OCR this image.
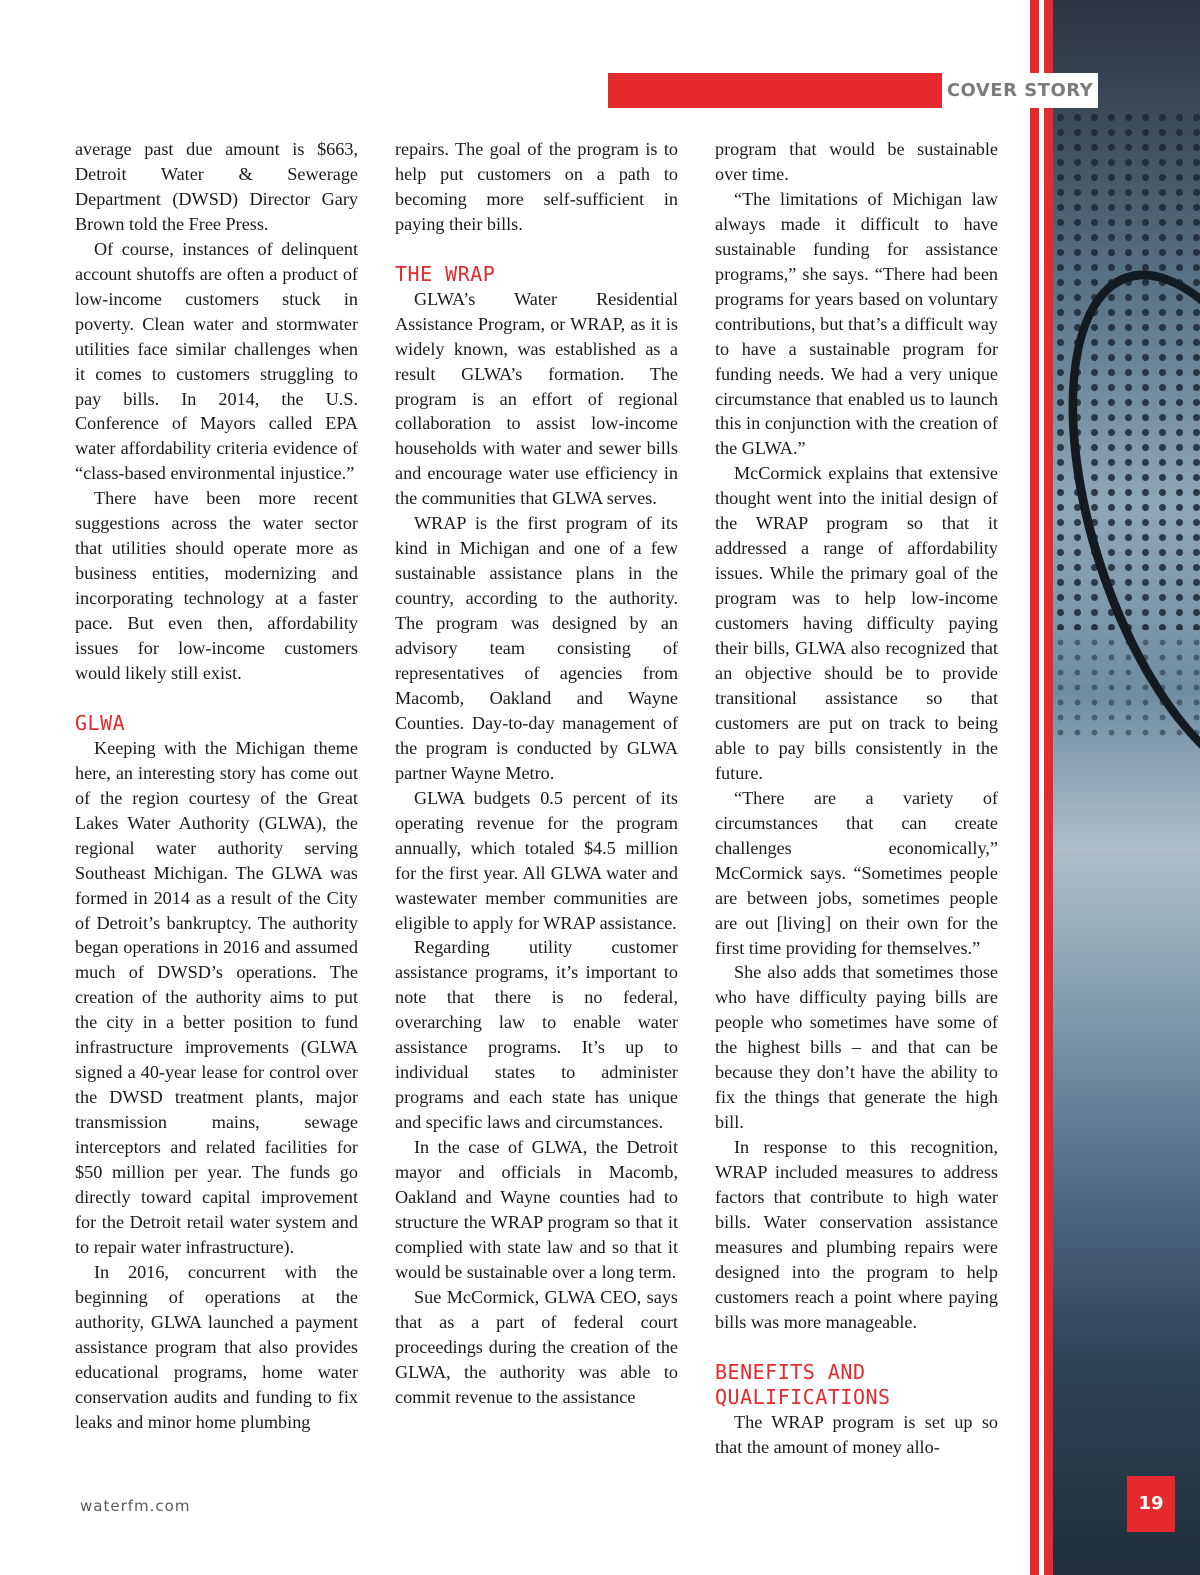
COVER STORY

average past due amount is $663, Detroit Water & Sewerage Department (DWSD) Director Gary Brown told the Free Press.

Of course, instances of delinquent account shutoffs are often a product of low-income customers stuck in poverty. Clean water and stormwater utilities face similar challenges when it comes to customers struggling to pay bills. In 2014, the U.S. Conference of Mayors called EPA water affordability criteria evidence of “class-based environmental injustice.”

There have been more recent suggestions across the water sector that utilities should operate more as business entities, modernizing and incorporating technology at a faster pace. But even then, affordability issues for low-income customers would likely still exist.

GLWA

Keeping with the Michigan theme here, an interesting story has come out of the region courtesy of the Great Lakes Water Authority (GLWA), the regional water authority serving Southeast Michigan. The GLWA was formed in 2014 as a result of the City of Detroit’s bankruptcy. The authority began operations in 2016 and assumed much of DWSD’s operations. The creation of the authority aims to put the city in a better position to fund infrastructure improvements (GLWA signed a 40-year lease for control over the DWSD treatment plants, major transmission mains, sewage interceptors and related facilities for $50 million per year. The funds go directly toward capital improvement for the Detroit retail water system and to repair water infrastructure).

In 2016, concurrent with the beginning of operations at the authority, GLWA launched a payment assistance program that also provides educational programs, home water conservation audits and funding to fix leaks and minor home plumbing

repairs. The goal of the program is to help put customers on a path to becoming more self-sufficient in paying their bills.

THE WRAP

GLWA’s Water Residential Assistance Program, or WRAP, as it is widely known, was established as a result GLWA’s formation. The program is an effort of regional collaboration to assist low-income households with water and sewer bills and encourage water use efficiency in the communities that GLWA serves.

WRAP is the first program of its kind in Michigan and one of a few sustainable assistance plans in the country, according to the authority. The program was designed by an advisory team consisting of representatives of agencies from Macomb, Oakland and Wayne Counties. Day-to-day management of the program is conducted by GLWA partner Wayne Metro.

GLWA budgets 0.5 percent of its operating revenue for the program annually, which totaled $4.5 million for the first year. All GLWA water and wastewater member communities are eligible to apply for WRAP assistance.

Regarding utility customer assistance programs, it’s important to note that there is no federal, overarching law to enable water assistance programs. It’s up to individual states to administer programs and each state has unique and specific laws and circumstances.

In the case of GLWA, the Detroit mayor and officials in Macomb, Oakland and Wayne counties had to structure the WRAP program so that it complied with state law and so that it would be sustainable over a long term.

Sue McCormick, GLWA CEO, says that as a part of federal court proceedings during the creation of the GLWA, the authority was able to commit revenue to the assistance

program that would be sustainable over time.

“The limitations of Michigan law always made it difficult to have sustainable funding for assistance programs,” she says. “There had been programs for years based on voluntary contributions, but that’s a difficult way to have a sustainable program for funding needs. We had a very unique circumstance that enabled us to launch this in conjunction with the creation of the GLWA.”

McCormick explains that extensive thought went into the initial design of the WRAP program so that it addressed a range of affordability issues. While the primary goal of the program was to help low-income customers having difficulty paying their bills, GLWA also recognized that an objective should be to provide transitional assistance so that customers are put on track to being able to pay bills consistently in the future.

“There are a variety of circumstances that can create challenges economically,” McCormick says. “Sometimes people are between jobs, sometimes people are out [living] on their own for the first time providing for themselves.”

She also adds that sometimes those who have difficulty paying bills are people who sometimes have some of the highest bills – and that can be because they don’t have the ability to fix the things that generate the high bill.

In response to this recognition, WRAP included measures to address factors that contribute to high water bills. Water conservation assistance measures and plumbing repairs were designed into the program to help customers reach a point where paying bills was more manageable.

BENEFITS AND QUALIFICATIONS

The WRAP program is set up so that the amount of money allo-

waterfm.com	19
